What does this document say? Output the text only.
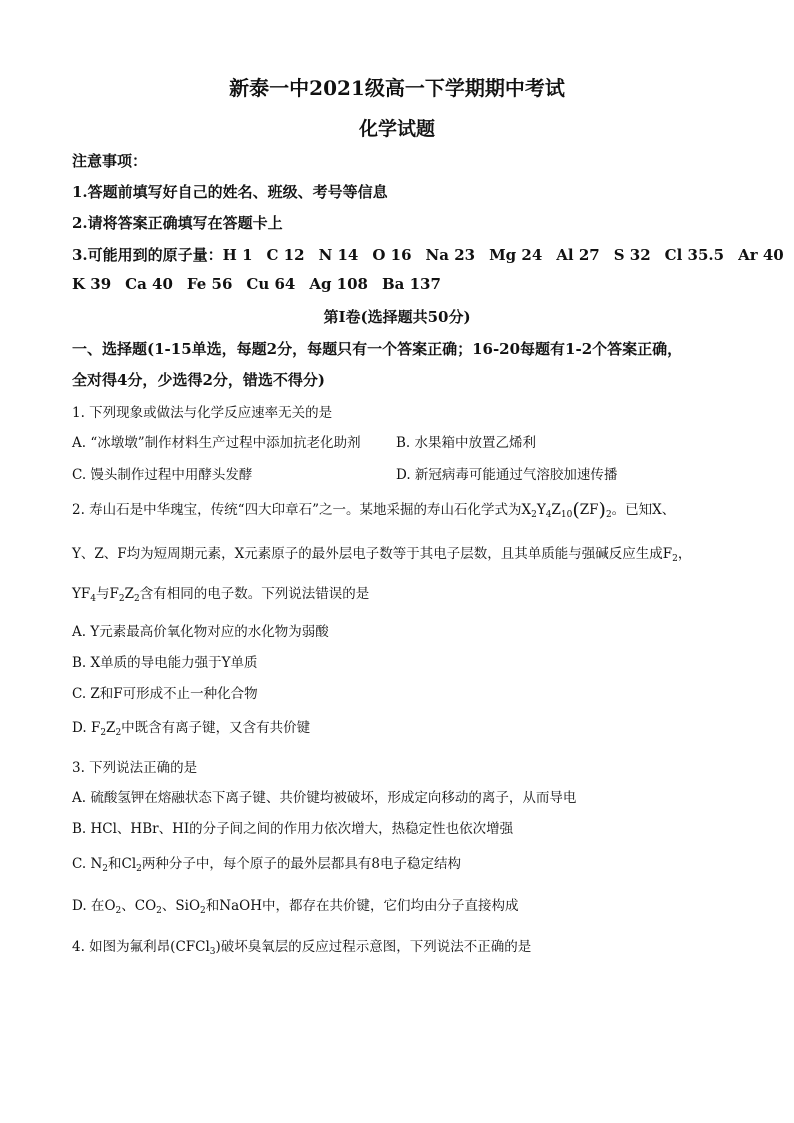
新泰一中2021级高一下学期期中考试
化学试题
注意事项：
1.答题前填写好自己的姓名、班级、考号等信息
2.请将答案正确填写在答题卡上
3.可能用到的原子量：H 1 C 12 N 14 O 16 Na 23 Mg 24 Al 27 S 32 Cl 35.5 Ar 40
K 39 Ca 40 Fe 56 Cu 64 Ag 108 Ba 137
第Ⅰ卷(选择题共50分)
一、选择题(1-15单选，每题2分，每题只有一个答案正确；16-20每题有1-2个答案正确，
全对得4分，少选得2分，错选不得分)
1. 下列现象或做法与化学反应速率无关的是
A. “冰墩墩”制作材料生产过程中添加抗老化助剂	B. 水果箱中放置乙烯利
C. 馒头制作过程中用酵头发酵	D. 新冠病毒可能通过气溶胶加速传播
2. 寿山石是中华瑰宝，传统“四大印章石”之一。某地采掘的寿山石化学式为$X_2Y_4Z_{10}(ZF)_2$。已知X、
Y、Z、F均为短周期元素，X元素原子的最外层电子数等于其电子层数，且其单质能与强碱反应生成$F_2$，
$YF_4$与$F_2Z_2$含有相同的电子数。下列说法错误的是
A. Y元素最高价氧化物对应的水化物为弱酸
B. X单质的导电能力强于Y单质
C. Z和F可形成不止一种化合物
D. $F_2Z_2$中既含有离子键，又含有共价键
3. 下列说法正确的是
A. 硫酸氢钾在熔融状态下离子键、共价键均被破坏，形成定向移动的离子，从而导电
B. HCl、HBr、HI的分子间之间的作用力依次增大，热稳定性也依次增强
C. $N_2$和$Cl_2$两种分子中，每个原子的最外层都具有8电子稳定结构
D. 在$O_2$、$CO_2$、SiO$_2$和NaOH中，都存在共价键，它们均由分子直接构成
4. 如图为氟利昂(CFCl$_3$)破坏臭氧层的反应过程示意图，下列说法不正确的是
